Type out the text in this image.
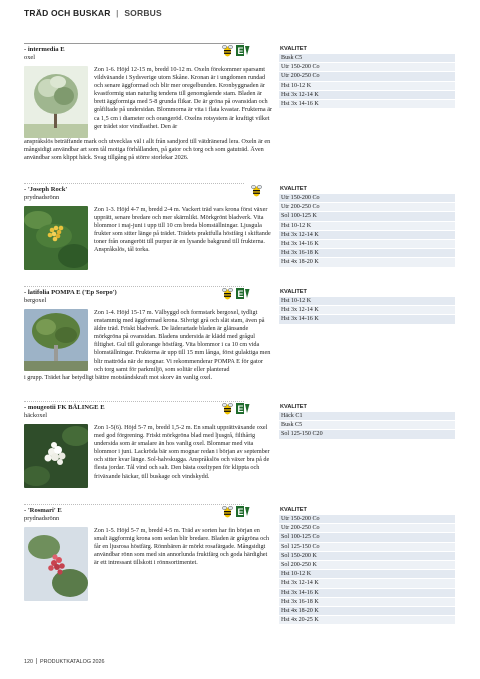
TRÄD OCH BUSKAR | SORBUS
- intermedia E
oxel
E
Zon 1-6. Höjd 12-15 m, bredd 10-12 m. Oxeln förekommer sparsamt vildväxande i Sydsverige utom Skåne. Kronan är i ungdomen rundad och senare äggformad och blir mer oregelbunden. Kronbyggnaden är kvastformig utan naturlig tendens till genomgående stam. Bladen är brett äggformiga med 5-8 grunda flikar. De är gröna på ovansidan och gråfiltade på undersidan. Blommorna är vita i flata kvastar. Frukterna är ca 1,5 cm i diameter och orangeröd. Oxelns rotsystem är kraftigt vilket ger trädet stor vindfasthet. Den är
anspråkslös beträffande mark och utvecklas väl i allt från sandjord till vätdränerad lera. Oxeln är en mångsidigt användbar art som tål motiga förhållanden, på gator och torg och som gatuträd. Även användbar som klippt häck. Svag tillgång på större storlekar 2026.
KVALITET
Busk C5
Utr 150-200 Co
Utr 200-250 Co
Hst 10-12 K
Hst 3x 12-14 K
Hst 3x 14-16 K
- 'Joseph Rock'
prydnadsrönn
Zon 1-3. Höjd 4-7 m, bredd 2-4 m. Vackert träd vars krona först växer upprätt, senare bredare och mer skärmlikt. Mörkgrönt bladverk. Vita blommor i maj-juni i upp till 10 cm breda blomställningar. Ljusgula frukter som sitter länge på trädet. Trädets praktfulla höstfärg i skiftande toner från orangerött till purpur är en lysande bakgrund till frukterna. Anspråkslös, tål torka.
KVALITET
Utr 150-200 Co
Utr 200-250 Co
Sol 100-125 K
Hst 10-12 K
Hst 3x 12-14 K
Hst 3x 14-16 K
Hst 3x 16-18 K
Hst 4x 18-20 K
- latifolia POMPA E ('Ep Sorpo')
bergoxel
E
Zon 1-4. Höjd 15-17 m. Välbyggd och formstark bergoxel, tydligt enstammig med äggformad krona. Silvrigt grå och slät stam, även på äldre träd. Friskt bladverk. De läderartade bladen är glänsande mörkgröna på ovansidan. Bladens undersida är klädd med grågul filtighet. Gul till gulorange höstfärg. Vita blommor i ca 10 cm vida blomställningar. Frukterna är upp till 15 mm långa, först gulaktiga men blir mattröda när de mognar. Vi rekommenderar POMPA E för gator och torg samt för parkmiljö, som solitär eller planterad
i grupp. Trädet har betydligt bättre motståndskraft mot skorv än vanlig oxel.
KVALITET
Hst 10-12 K
Hst 3x 12-14 K
Hst 3x 14-16 K
- mougeotii FK BÄLINGE E
häckoxel
E
Zon 1-5(6). Höjd 5-7 m, bredd 1,5-2 m. En smalt upprättväxande oxel med god förgrening. Friskt mörkgröna blad med ljusgrå, filthårig undersida som är smalare än hos vanlig oxel. Blommar med vita blommor i juni. Lackröda bär som mognar redan i början av september och sitter kvar länge. Sol-halvskugga. Anspråkslös och växer bra på de flesta jordar. Tål vind och salt. Den bästa oxeltypen för klippta och friväxande häckar, till buskage och vindskydd.
KVALITET
Häck C1
Busk C5
Sol 125-150 C20
- 'Rosmari' E
prydnadsrönn
E
Zon 1-5. Höjd 5-7 m, bredd 4-5 m. Träd av sorten har fin början en smalt äggformig krona som sedan blir bredare. Bladen är grågröna och får en ljusrosa höstfärg. Rönnbären är mörkt rosafärgade. Mångsidigt användbar rönn som med sin annorlunda fruktfärg och goda härdighet är ett intressant tillskott i rönnsortimentet.
KVALITET
Utr 150-200 Co
Utr 200-250 Co
Sol 100-125 Co
Sol 125-150 Co
Sol 150-200 K
Sol 200-250 K
Hst 10-12 K
Hst 3x 12-14 K
Hst 3x 14-16 K
Hst 3x 16-18 K
Hst 4x 18-20 K
Hst 4x 20-25 K
120 PRODUKTKATALOG 2026
